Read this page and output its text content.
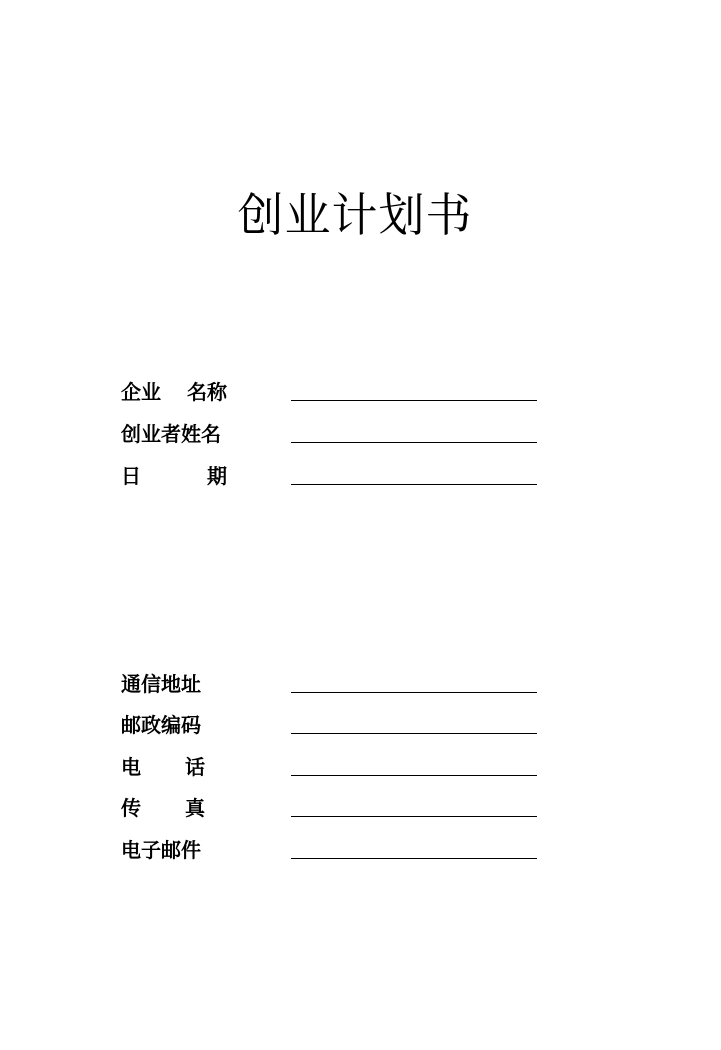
创业计划书
企业 名称
创业者姓名
日	期
通信地址
邮政编码
电 话
传 真
电子邮件
